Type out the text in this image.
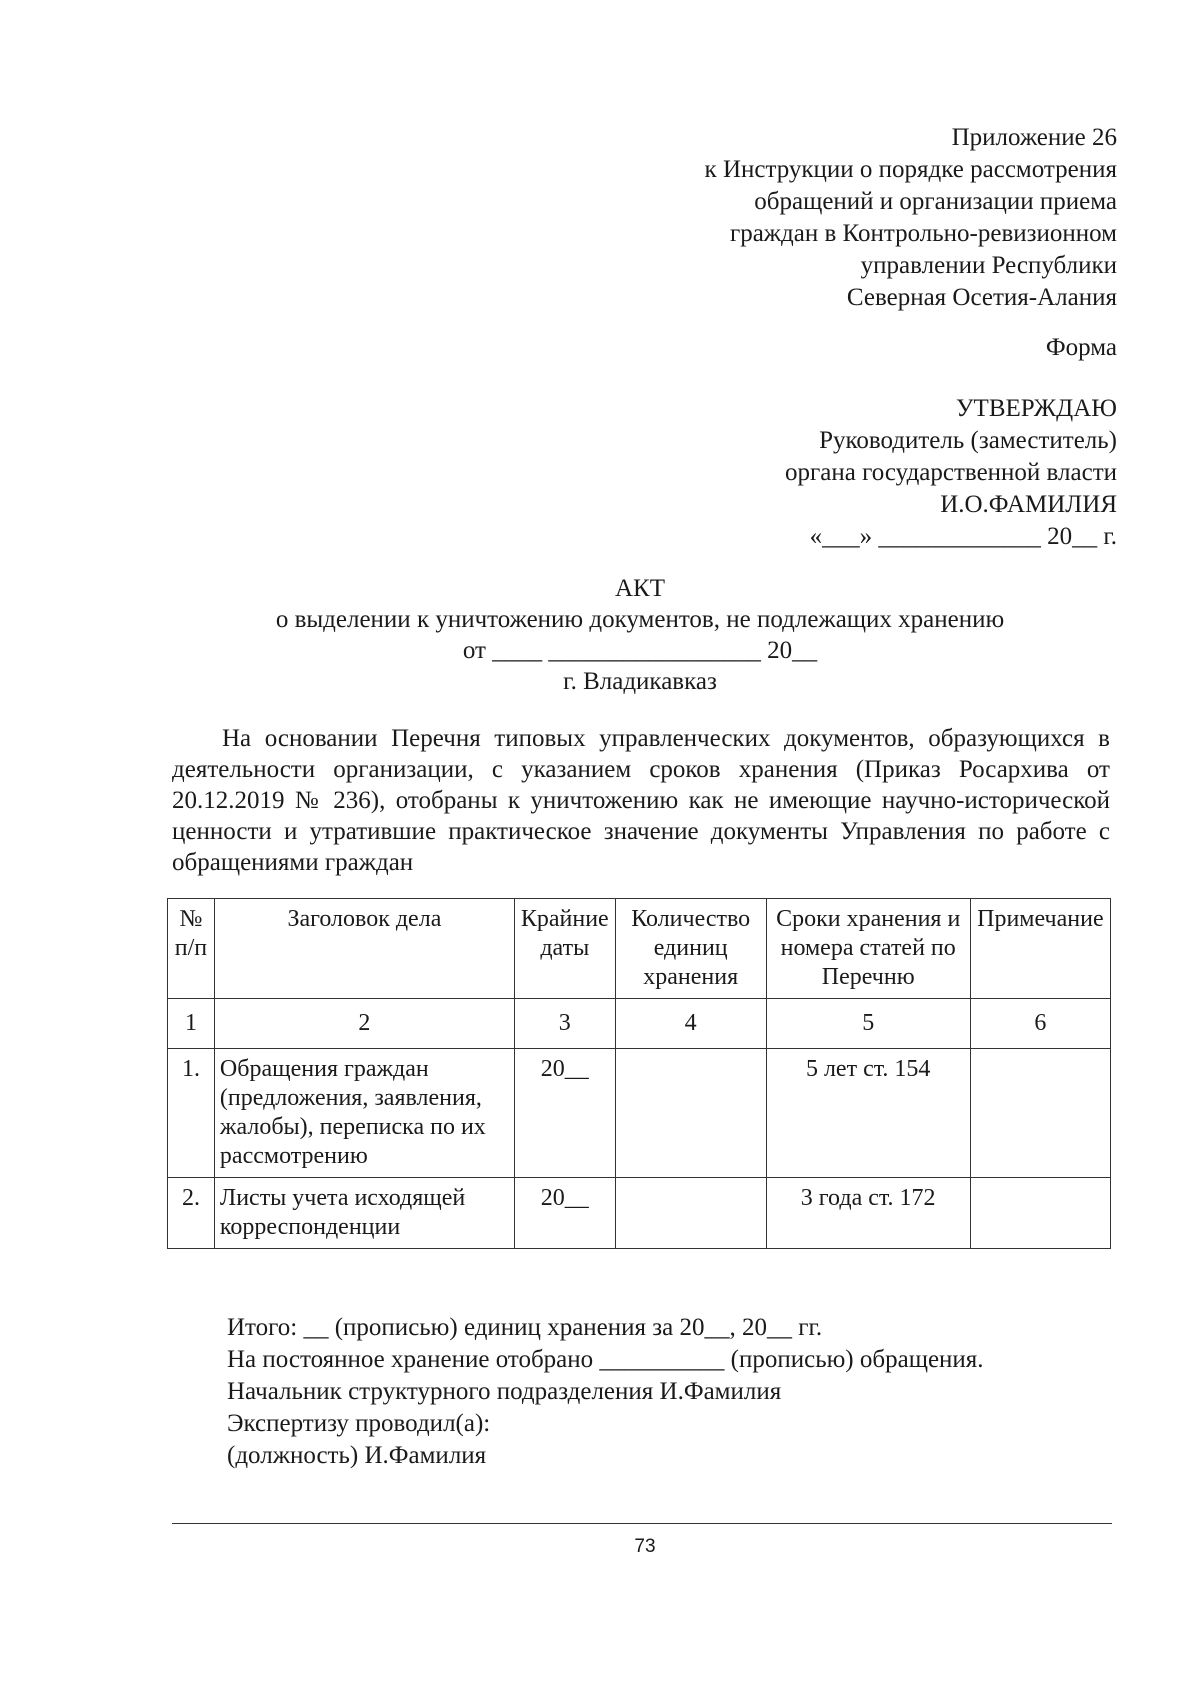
Приложение 26
к Инструкции о порядке рассмотрения
обращений и организации приема
граждан в Контрольно-ревизионном
управлении Республики
Северная Осетия-Алания
Форма
УТВЕРЖДАЮ
Руководитель (заместитель)
органа государственной власти
И.О.ФАМИЛИЯ
«___» _____________ 20__ г.
АКТ
о выделении к уничтожению документов, не подлежащих хранению
от ____ _________________ 20__
г. Владикавказ
На основании Перечня типовых управленческих документов, образующихся в деятельности организации, с указанием сроков хранения (Приказ Росархива от 20.12.2019 № 236), отобраны к уничтожению как не имеющие научно-исторической ценности и утратившие практическое значение документы Управления по работе с обращениями граждан
№ п/п	Заголовок дела	Крайние даты	Количество единиц хранения	Сроки хранения и номера статей по Перечню	Примечание
1	2	3	4	5	6
1.	Обращения граждан (предложения, заявления, жалобы), переписка по их рассмотрению	20__		5 лет ст. 154	
2.	Листы учета исходящей корреспонденции	20__		3 года ст. 172	
Итого: __ (прописью) единиц хранения за 20__, 20__ гг.
На постоянное хранение отобрано __________ (прописью) обращения.
Начальник структурного подразделения И.Фамилия
Экспертизу проводил(а):
(должность) И.Фамилия
73
